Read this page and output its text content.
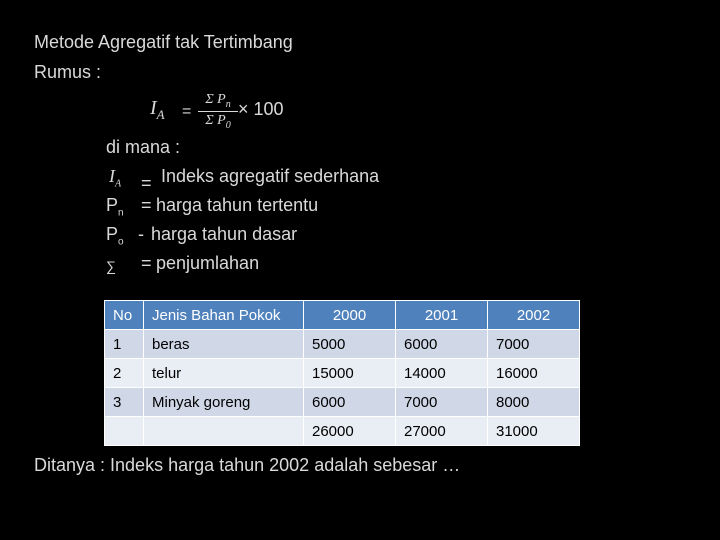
Metode Agregatif tak Tertimbang
Rumus :
$I_A$ =
Σ $P_n$
Σ $P_0$
× 100
di mana :
$I_A$ = Indeks agregatif sederhana
$P_n$ = harga tahun tertentu
$P_o$ - harga tahun dasar
∑ = penjumlahan
No	Jenis Bahan Pokok	2000	2001	2002
1	beras	5000	6000	7000
2	telur	15000	14000	16000
3	Minyak goreng	6000	7000	8000
		26000	27000	31000
Ditanya : Indeks harga tahun 2002 adalah sebesar …
